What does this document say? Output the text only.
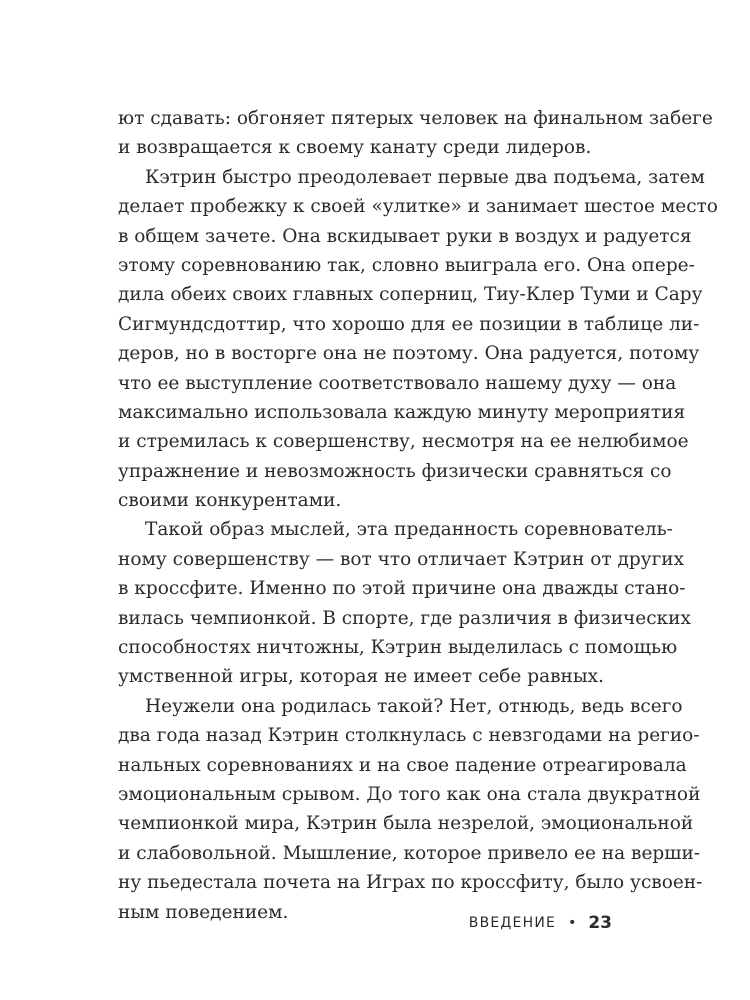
ют сдавать: обгоняет пятерых человек на финальном забеге
и возвращается к своему канату среди лидеров.
Кэтрин быстро преодолевает первые два подъема, затем
делает пробежку к своей «улитке» и занимает шестое место
в общем зачете. Она вскидывает руки в воздух и радуется
этому соревнованию так, словно выиграла его. Она опере-
дила обеих своих главных соперниц, Тиу-Клер Туми и Сару
Сигмундсдоттир, что хорошо для ее позиции в таблице ли-
деров, но в восторге она не поэтому. Она радуется, потому
что ее выступление соответствовало нашему духу — она
максимально использовала каждую минуту мероприятия
и стремилась к совершенству, несмотря на ее нелюбимое
упражнение и невозможность физически сравняться со
своими конкурентами.
Такой образ мыслей, эта преданность соревнователь-
ному совершенству — вот что отличает Кэтрин от других
в кроссфите. Именно по этой причине она дважды стано-
вилась чемпионкой. В спорте, где различия в физических
способностях ничтожны, Кэтрин выделилась с помощью
умственной игры, которая не имеет себе равных.
Неужели она родилась такой? Нет, отнюдь, ведь всего
два года назад Кэтрин столкнулась с невзгодами на регио-
нальных соревнованиях и на свое падение отреагировала
эмоциональным срывом. До того как она стала двукратной
чемпионкой мира, Кэтрин была незрелой, эмоциональной
и слабовольной. Мышление, которое привело ее на верши-
ну пьедестала почета на Играх по кроссфиту, было усвоен-
ным поведением.
ВВЕДЕНИЕ • 23
